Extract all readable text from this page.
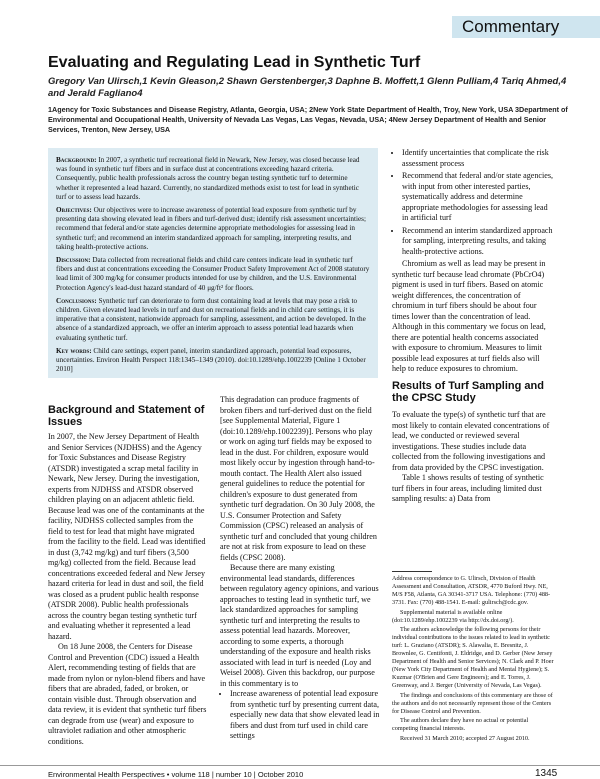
Commentary
Evaluating and Regulating Lead in Synthetic Turf
Gregory Van Ulirsch,1 Kevin Gleason,2 Shawn Gerstenberger,3 Daphne B. Moffett,1 Glenn Pulliam,4 Tariq Ahmed,4 and Jerald Fagliano4
1Agency for Toxic Substances and Disease Registry, Atlanta, Georgia, USA; 2New York State Department of Health, Troy, New York, USA 3Department of Environmental and Occupational Health, University of Nevada Las Vegas, Las Vegas, Nevada, USA; 4New Jersey Department of Health and Senior Services, Trenton, New Jersey, USA

Background: In 2007, a synthetic turf recreational field in Newark, New Jersey, was closed because lead was found in synthetic turf fibers and in surface dust at concentrations exceeding hazard criteria. Consequently, public health professionals across the country began testing synthetic turf to determine whether it represented a lead hazard. Currently, no standardized methods exist to test for lead in synthetic turf or to assess lead hazards.

Objectives: Our objectives were to increase awareness of potential lead exposure from synthetic turf by presenting data showing elevated lead in fibers and turf-derived dust; identify risk assessment uncertainties; recommend that federal and/or state agencies determine appropriate methodologies for assessing lead in synthetic turf; and recommend an interim standardized approach for sampling, interpreting results, and taking health-protective actions.

Discussion: Data collected from recreational fields and child care centers indicate lead in synthetic turf fibers and dust at concentrations exceeding the Consumer Product Safety Improvement Act of 2008 statutory lead limit of 300 mg/kg for consumer products intended for use by children, and the U.S. Environmental Protection Agency's lead-dust hazard standard of 40 μg/ft² for floors.

Conclusions: Synthetic turf can deteriorate to form dust containing lead at levels that may pose a risk to children. Given elevated lead levels in turf and dust on recreational fields and in child care settings, it is imperative that a consistent, nationwide approach for sampling, assessment, and action be developed. In the absence of a standardized approach, we offer an interim approach to assess potential lead hazards when evaluating synthetic turf.

Key words: Child care settings, expert panel, interim standardized approach, potential lead exposures, uncertainties. Environ Health Perspect 118:1345–1349 (2010). doi:10.1289/ehp.1002239 [Online 1 October 2010]

Background and Statement of Issues

In 2007, the New Jersey Department of Health and Senior Services (NJDHSS) and the Agency for Toxic Substances and Disease Registry (ATSDR) investigated a scrap metal facility in Newark, New Jersey. During the investigation, experts from NJDHSS and ATSDR observed children playing on an adjacent athletic field. Because lead was one of the contaminants at the facility, NJDHSS collected samples from the field to test for lead that might have migrated from the facility to the field. Lead was identified in dust (3,742 mg/kg) and turf fibers (3,500 mg/kg) collected from the field. Because lead concentrations exceeded federal and New Jersey hazard criteria for lead in dust and soil, the field was closed as a prudent public health response (ATSDR 2008). Public health professionals across the country began testing synthetic turf and evaluating whether it represented a lead hazard.

On 18 June 2008, the Centers for Disease Control and Prevention (CDC) issued a Health Alert, recommending testing of fields that are made from nylon or nylon-blend fibers and have fibers that are abraded, faded, or broken, or contain visible dust. Through observation and data review, it is evident that synthetic turf fibers can degrade from use (wear) and exposure to ultraviolet radiation and other atmospheric conditions.

This degradation can produce fragments of broken fibers and turf-derived dust on the field [see Supplemental Material, Figure 1 (doi:10.1289/ehp.1002239)]. Persons who play or work on aging turf fields may be exposed to lead in the dust. For children, exposure would most likely occur by ingestion through hand-to-mouth contact. The Health Alert also issued general guidelines to reduce the potential for children's exposure to dust generated from synthetic turf degradation. On 30 July 2008, the U.S. Consumer Protection and Safety Commission (CPSC) released an analysis of synthetic turf and concluded that young children are not at risk from exposure to lead on these fields (CPSC 2008).

Because there are many existing environmental lead standards, differences between regulatory agency opinions, and various approaches to testing lead in synthetic turf, we lack standardized approaches for sampling synthetic turf and interpreting the results to assess potential lead hazards. Moreover, according to some experts, a thorough understanding of the exposure and health risks associated with lead in turf is needed (Loy and Weisel 2008). Given this backdrop, our purpose in this commentary is to

• Increase awareness of potential lead exposure from synthetic turf by presenting current data, especially new data that show elevated lead in fibers and dust from turf used in child care settings
• Identify uncertainties that complicate the risk assessment process
• Recommend that federal and/or state agencies, with input from other interested parties, systematically address and determine appropriate methodologies for assessing lead in artificial turf
• Recommend an interim standardized approach for sampling, interpreting results, and taking health-protective actions.

Chromium as well as lead may be present in synthetic turf because lead chromate (PbCrO4) pigment is used in turf fibers. Based on atomic weight differences, the concentration of chromium in turf fibers should be about four times lower than the concentration of lead. Although in this commentary we focus on lead, there are potential health concerns associated with exposure to chromium. Measures to limit possible lead exposures at turf fields also will help to reduce exposures to chromium.

Results of Turf Sampling and the CPSC Study

To evaluate the type(s) of synthetic turf that are most likely to contain elevated concentrations of lead, we conducted or reviewed several investigations. These studies include data collected from the following investigations and from data provided by the CPSC investigation.

Table 1 shows results of testing of synthetic turf fibers in four areas, including limited dust sampling results: a) Data from

Address correspondence to G. Ulirsch, Division of Health Assessment and Consultation, ATSDR, 4770 Buford Hwy. NE, M/S F58, Atlanta, GA 30341-3717 USA. Telephone: (770) 488-3731. Fax: (770) 488-1541. E-mail: gulirsch@cdc.gov.

Supplemental material is available online (doi:10.1289/ehp.1002239 via http://dx.doi.org/).

The authors acknowledge the following persons for their individual contributions to the issues related to lead in synthetic turf: L. Graziano (ATSDR); S. Alawalia, E. Bresnitz, J. Brownlee, G. Centifonti, J. Eldridge, and D. Gerber (New Jersey Department of Health and Senior Services); N. Clark and P. Hoer (New York City Department of Health and Mental Hygiene); S. Kuzmar (O'Brien and Gere Engineers); and E. Torres, J. Greenway, and J. Berger (University of Nevada, Las Vegas).

The findings and conclusions of this commentary are those of the authors and do not necessarily represent those of the Centers for Disease Control and Prevention.

The authors declare they have no actual or potential competing financial interests.

Received 31 March 2010; accepted 27 August 2010.

Environmental Health Perspectives • volume 118 | number 10 | October 2010	1345
